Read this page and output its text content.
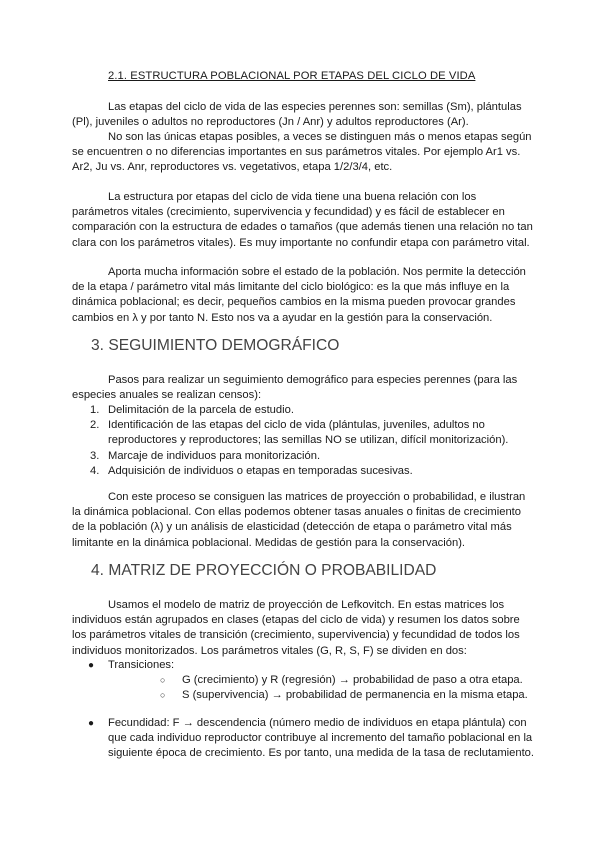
2.1. ESTRUCTURA POBLACIONAL POR ETAPAS DEL CICLO DE VIDA

Las etapas del ciclo de vida de las especies perennes son: semillas (Sm), plántulas (Pl), juveniles o adultos no reproductores (Jn / Anr) y adultos reproductores (Ar).

No son las únicas etapas posibles, a veces se distinguen más o menos etapas según se encuentren o no diferencias importantes en sus parámetros vitales. Por ejemplo Ar1 vs. Ar2, Ju vs. Anr, reproductores vs. vegetativos, etapa 1/2/3/4, etc.

La estructura por etapas del ciclo de vida tiene una buena relación con los parámetros vitales (crecimiento, supervivencia y fecundidad) y es fácil de establecer en comparación con la estructura de edades o tamaños (que además tienen una relación no tan clara con los parámetros vitales). Es muy importante no confundir etapa con parámetro vital.

Aporta mucha información sobre el estado de la población. Nos permite la detección de la etapa / parámetro vital más limitante del ciclo biológico: es la que más influye en la dinámica poblacional; es decir, pequeños cambios en la misma pueden provocar grandes cambios en λ y por tanto N. Esto nos va a ayudar en la gestión para la conservación.

3. SEGUIMIENTO DEMOGRÁFICO

Pasos para realizar un seguimiento demográfico para especies perennes (para las especies anuales se realizan censos):

1. Delimitación de la parcela de estudio.
2. Identificación de las etapas del ciclo de vida (plántulas, juveniles, adultos no reproductores y reproductores; las semillas NO se utilizan, difícil monitorización).
3. Marcaje de individuos para monitorización.
4. Adquisición de individuos o etapas en temporadas sucesivas.

Con este proceso se consiguen las matrices de proyección o probabilidad, e ilustran la dinámica poblacional. Con ellas podemos obtener tasas anuales o finitas de crecimiento de la población (λ) y un análisis de elasticidad (detección de etapa o parámetro vital más limitante en la dinámica poblacional. Medidas de gestión para la conservación).

4. MATRIZ DE PROYECCIÓN O PROBABILIDAD

Usamos el modelo de matriz de proyección de Lefkovitch. En estas matrices los individuos están agrupados en clases (etapas del ciclo de vida) y resumen los datos sobre los parámetros vitales de transición (crecimiento, supervivencia) y fecundidad de todos los individuos monitorizados. Los parámetros vitales (G, R, S, F) se dividen en dos:

● Transiciones:
○ G (crecimiento) y R (regresión) → probabilidad de paso a otra etapa.
○ S (supervivencia) → probabilidad de permanencia en la misma etapa.
● Fecundidad: F → descendencia (número medio de individuos en etapa plántula) con que cada individuo reproductor contribuye al incremento del tamaño poblacional en la siguiente época de crecimiento. Es por tanto, una medida de la tasa de reclutamiento.
